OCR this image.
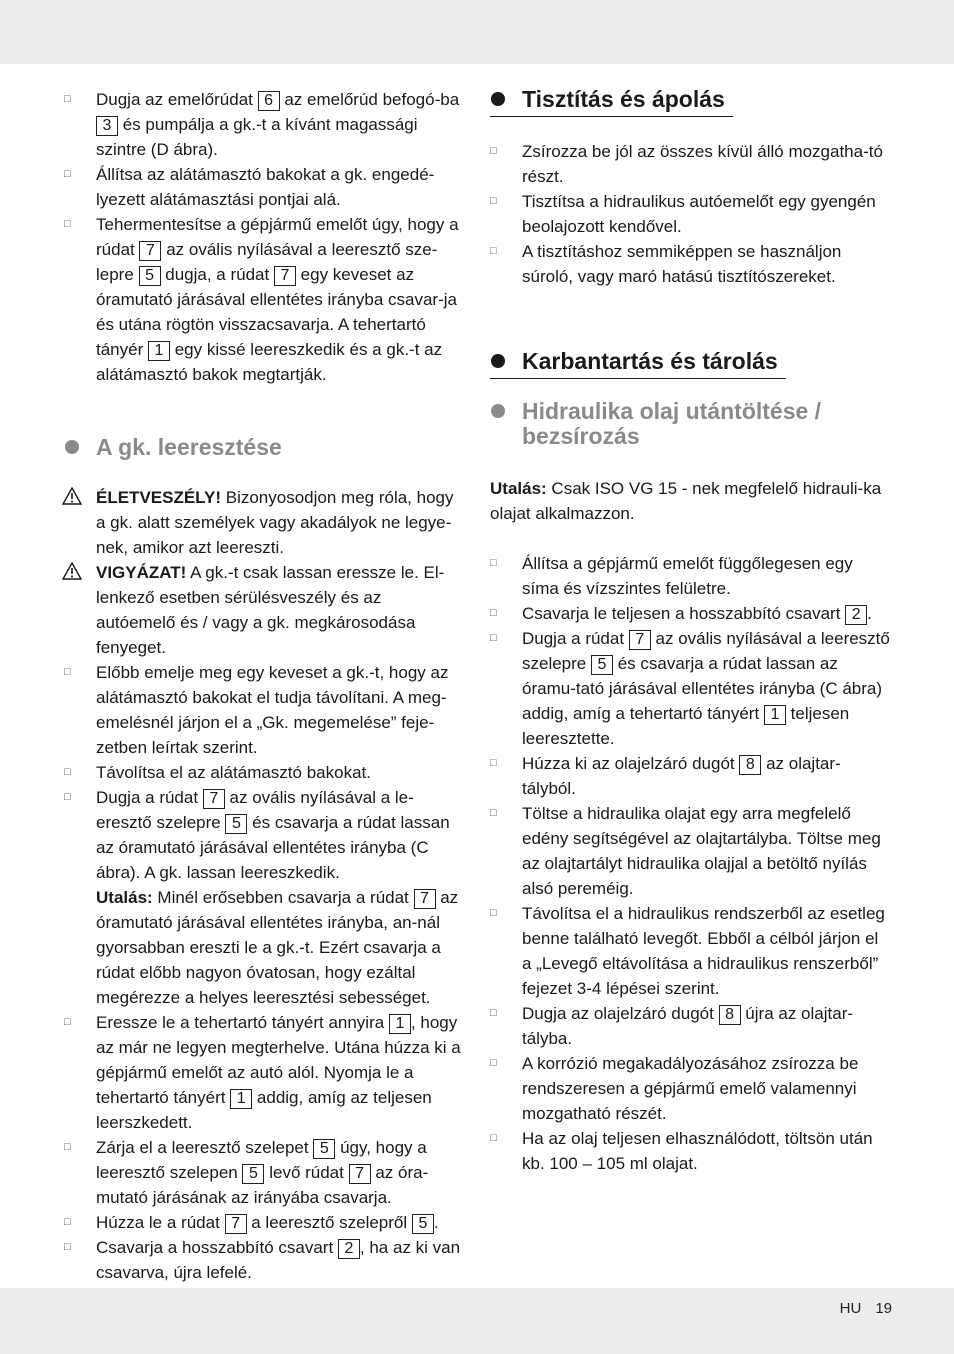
□ Dugja az emelőrúdat 6 az emelőrúd befogó-ba 3 és pumpálja a gk.-t a kívánt magassági szintre (D ábra).
□ Állítsa az alátámasztó bakokat a gk. engedé-lyezett alátámasztási pontjai alá.
□ Tehermentesítse a gépjármű emelőt úgy, hogy a rúdat 7 az ovális nyílásával a leeresztő sze-lepre 5 dugja, a rúdat 7 egy keveset az óramutató járásával ellentétes irányba csavar-ja és utána rögtön visszacsavarja. A tehertartó tányér 1 egy kissé leereszkedik és a gk.-t az alátámasztó bakok megtartják.
A gk. leeresztése
ÉLETVESZÉLY! Bizonyosodjon meg róla, hogy a gk. alatt személyek vagy akadályok ne legye-nek, amikor azt leereszti.
VIGYÁZAT! A gk.-t csak lassan eressze le. El-lenkező esetben sérülésveszély és az autóemelő és / vagy a gk. megkárosodása fenyeget.
□ Előbb emelje meg egy keveset a gk.-t, hogy az alátámasztó bakokat el tudja távolítani. A meg-emelésnél járjon el a „Gk. megemelése” feje-zetben leírtak szerint.
□ Távolítsa el az alátámasztó bakokat.
□ Dugja a rúdat 7 az ovális nyílásával a le-eresztő szelepre 5 és csavarja a rúdat lassan az óramutató járásával ellentétes irányba (C ábra). A gk. lassan leereszkedik.
Utalás: Minél erősebben csavarja a rúdat 7 az óramutató járásával ellentétes irányba, an-nál gyorsabban ereszti le a gk.-t. Ezért csavarja a rúdat előbb nagyon óvatosan, hogy ezáltal megérezze a helyes leeresztési sebességet.
□ Eressze le a tehertartó tányért annyira 1 , hogy az már ne legyen megterhelve. Utána húzza ki a gépjármű emelőt az autó alól. Nyomja le a tehertartó tányért 1 addig, amíg az teljesen leerszkedett.
□ Zárja el a leeresztő szelepet 5 úgy, hogy a leeresztő szelepen 5 levő rúdat 7 az óra-mutató járásának az irányába csavarja.
□ Húzza le a rúdat 7 a leeresztő szelepről 5 .
□ Csavarja a hosszabbító csavart 2 , ha az ki van csavarva, újra lefelé.
Tisztítás és ápolás
□ Zsírozza be jól az összes kívül álló mozgatha-tó részt.
□ Tisztítsa a hidraulikus autóemelőt egy gyengén beolajozott kendővel.
□ A tisztításhoz semmiképpen se használjon súroló, vagy maró hatású tisztítószereket.
Karbantartás és tárolás
Hidraulika olaj utántöltése / bezsírozás
Utalás: Csak ISO VG 15 - nek megfelelő hidrauli-ka olajat alkalmazzon.
□ Állítsa a gépjármű emelőt függőlegesen egy síma és vízszintes felületre.
□ Csavarja le teljesen a hosszabbító csavart 2 .
□ Dugja a rúdat 7 az ovális nyílásával a leeresztő szelepre 5 és csavarja a rúdat lassan az óramu-tató járásával ellentétes irányba (C ábra) addig, amíg a tehertartó tányért 1 teljesen leeresztette.
□ Húzza ki az olajelzáró dugót 8 az olajtar-tályból.
□ Töltse a hidraulika olajat egy arra megfelelő edény segítségével az olajtartályba. Töltse meg az olajtartályt hidraulika olajjal a betöltő nyílás alsó pereméig.
□ Távolítsa el a hidraulikus rendszerből az esetleg benne található levegőt. Ebből a célból járjon el a „Levegő eltávolítása a hidraulikus renszerből” fejezet 3-4 lépései szerint.
□ Dugja az olajelzáró dugót 8 újra az olajtar-tályba.
□ A korrózió megakadályozásához zsírozza be rendszeresen a gépjármű emelő valamennyi mozgatható részét.
□ Ha az olaj teljesen elhasználódott, töltsön után kb. 100 – 105 ml olajat.
HU 19
